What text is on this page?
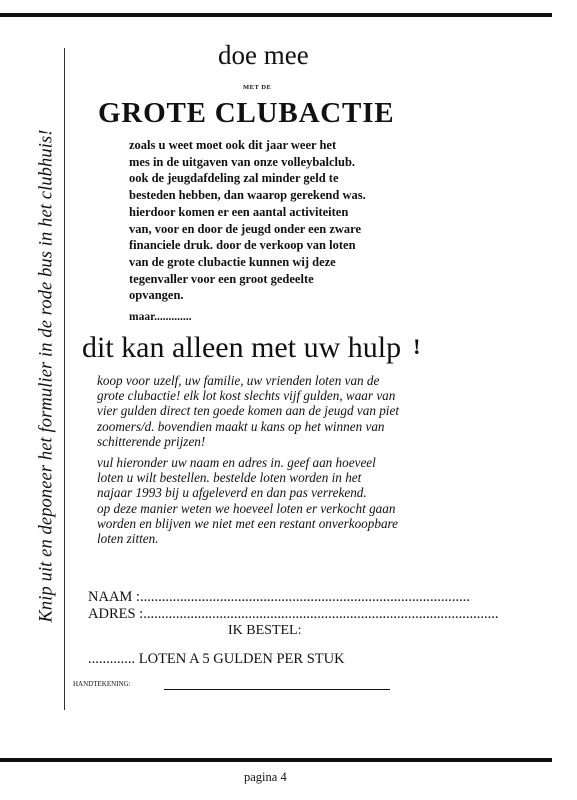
Knip uit en deponeer het formulier in de rode bus in het clubhuis!
doe mee
MET DE
GROTE CLUBACTIE
zoals u weet moet ook dit jaar weer het
mes in de uitgaven van onze volleybalclub.
ook de jeugdafdeling zal minder geld te
besteden hebben, dan waarop gerekend was.
hierdoor komen er een aantal activiteiten
van, voor en door de jeugd onder een zware
financiele druk. door de verkoop van loten
van de grote clubactie kunnen wij deze
tegenvaller voor een groot gedeelte
opvangen.
maar.............
dit kan alleen met uw hulp !
koop voor uzelf, uw familie, uw vrienden loten van de
grote clubactie! elk lot kost slechts vijf gulden, waar van
vier gulden direct ten goede komen aan de jeugd van piet
zoomers/d. bovendien maakt u kans op het winnen van
schitterende prijzen!
vul hieronder uw naam en adres in. geef aan hoeveel
loten u wilt bestellen. bestelde loten worden in het
najaar 1993 bij u afgeleverd en dan pas verrekend.
op deze manier weten we hoeveel loten er verkocht gaan
worden en blijven we niet met een restant onverkoopbare
loten zitten.
NAAM :...........................................................................................
ADRES :..................................................................................................
IK BESTEL:
............. LOTEN A 5 GULDEN PER STUK
HANDTEKENING:
pagina 4
